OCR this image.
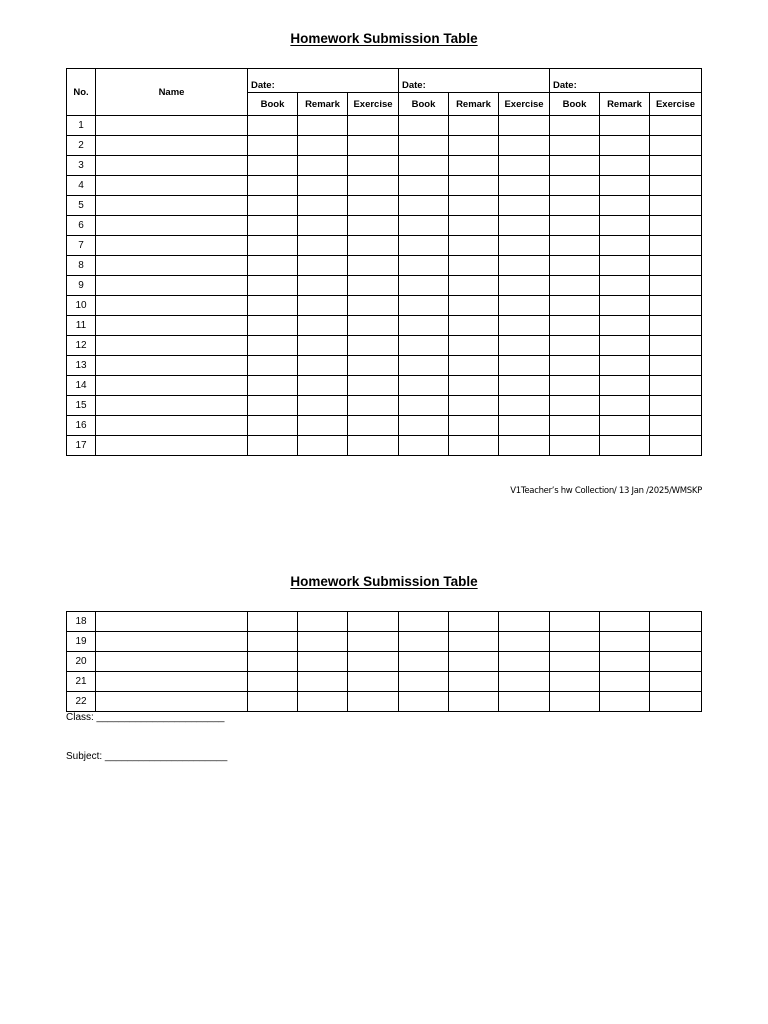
Homework Submission Table
No.	Name	Date:			Date:			Date:		
		Book	Remark	Exercise	Book	Remark	Exercise	Book	Remark	Exercise
1										
2										
3										
4										
5										
6										
7										
8										
9										
10										
11										
12										
13										
14										
15										
16										
17										
V1Teacher’s hw Collection/ 13 Jan /2025/WMSKP
Homework Submission Table
18										
19										
20										
21										
22										
Class: _______________________
Subject: ______________________
